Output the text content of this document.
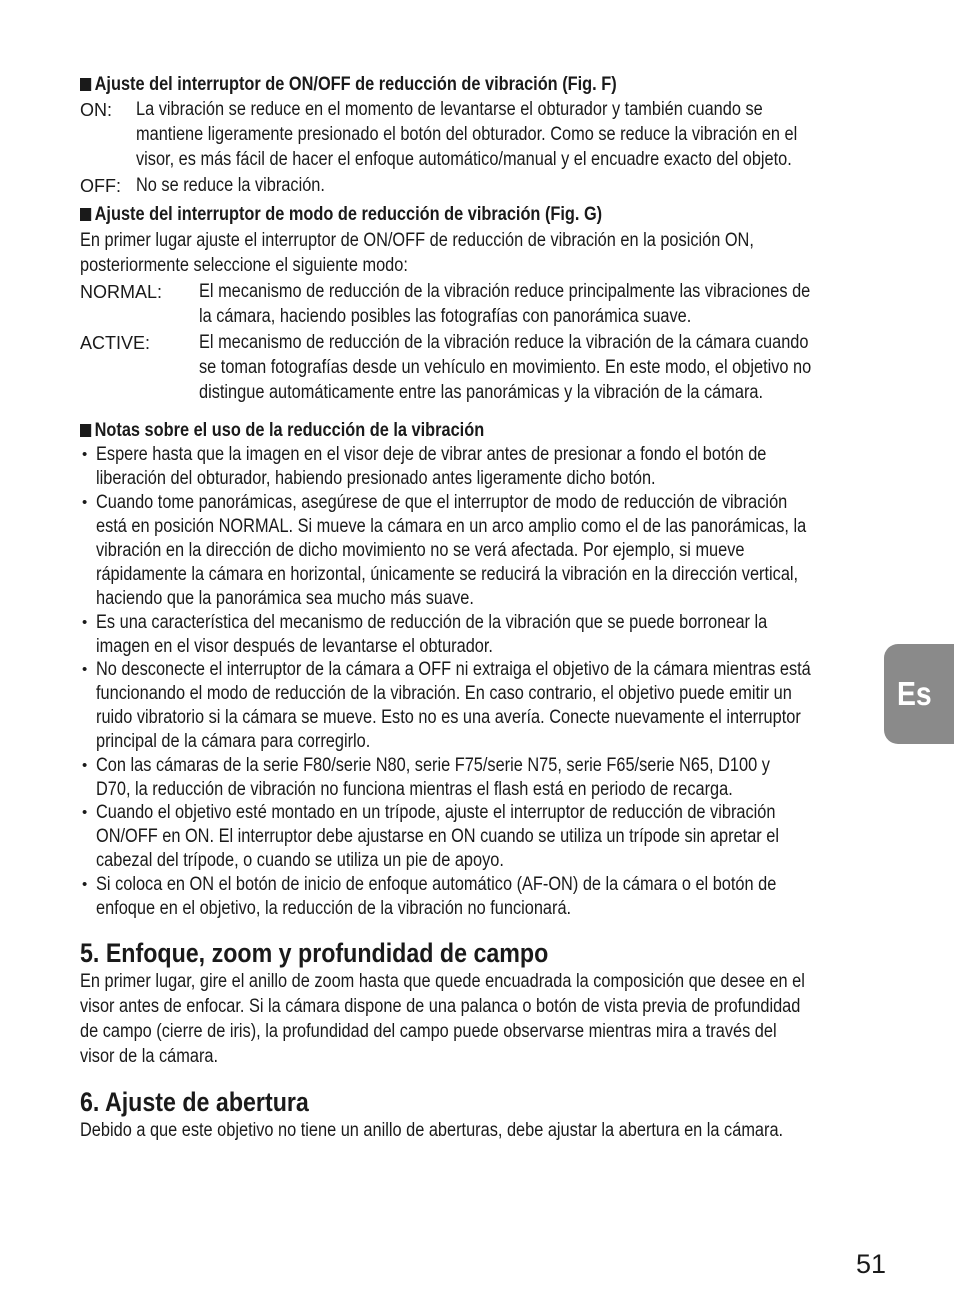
Ajuste del interruptor de ON/OFF de reducción de vibración (Fig. F)
ON: La vibración se reduce en el momento de levantarse el obturador y también cuando se
mantiene ligeramente presionado el botón del obturador. Como se reduce la vibración en el
visor, es más fácil de hacer el enfoque automático/manual y el encuadre exacto del objeto.
OFF: No se reduce la vibración.
Ajuste del interruptor de modo de reducción de vibración (Fig. G)
En primer lugar ajuste el interruptor de ON/OFF de reducción de vibración en la posición ON,
posteriormente seleccione el siguiente modo:
NORMAL: El mecanismo de reducción de la vibración reduce principalmente las vibraciones de
la cámara, haciendo posibles las fotografías con panorámica suave.
ACTIVE:	El mecanismo de reducción de la vibración reduce la vibración de la cámara cuando
se toman fotografías desde un vehículo en movimiento. En este modo, el objetivo no
distingue automáticamente entre las panorámicas y la vibración de la cámara.
Notas sobre el uso de la reducción de la vibración
• Espere hasta que la imagen en el visor deje de vibrar antes de presionar a fondo el botón de
liberación del obturador, habiendo presionado antes ligeramente dicho botón.
• Cuando tome panorámicas, asegúrese de que el interruptor de modo de reducción de vibración
está en posición NORMAL. Si mueve la cámara en un arco amplio como el de las panorámicas, la
vibración en la dirección de dicho movimiento no se verá afectada. Por ejemplo, si mueve
rápidamente la cámara en horizontal, únicamente se reducirá la vibración en la dirección vertical,
haciendo que la panorámica sea mucho más suave.
• Es una característica del mecanismo de reducción de la vibración que se puede borronear la
imagen en el visor después de levantarse el obturador.
• No desconecte el interruptor de la cámara a OFF ni extraiga el objetivo de la cámara mientras está
funcionando el modo de reducción de la vibración. En caso contrario, el objetivo puede emitir un
ruido vibratorio si la cámara se mueve. Esto no es una avería. Conecte nuevamente el interruptor
principal de la cámara para corregirlo.
• Con las cámaras de la serie F80/serie N80, serie F75/serie N75, serie F65/serie N65, D100 y
D70, la reducción de vibración no funciona mientras el flash está en periodo de recarga.
• Cuando el objetivo esté montado en un trípode, ajuste el interruptor de reducción de vibración
ON/OFF en ON. El interruptor debe ajustarse en ON cuando se utiliza un trípode sin apretar el
cabezal del trípode, o cuando se utiliza un pie de apoyo.
• Si coloca en ON el botón de inicio de enfoque automático (AF-ON) de la cámara o el botón de
enfoque en el objetivo, la reducción de la vibración no funcionará.
5. Enfoque, zoom y profundidad de campo
En primer lugar, gire el anillo de zoom hasta que quede encuadrada la composición que desee en el
visor antes de enfocar. Si la cámara dispone de una palanca o botón de vista previa de profundidad
de campo (cierre de iris), la profundidad del campo puede observarse mientras mira a través del
visor de la cámara.
6. Ajuste de abertura
Debido a que este objetivo no tiene un anillo de aberturas, debe ajustar la abertura en la cámara.
Es
51
